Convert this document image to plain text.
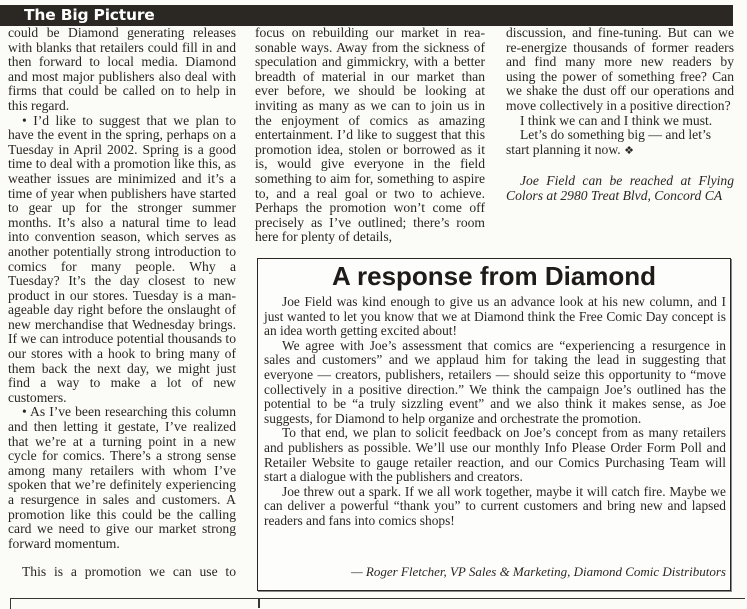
The Big Picture

could be Diamond generating releases with blanks that retailers could fill in and then forward to local media. Diamond and most major publishers also deal with firms that could be called on to help in this regard.

• I’d like to suggest that we plan to have the event in the spring, perhaps on a Tuesday in April 2002. Spring is a good time to deal with a promotion like this, as weather issues are minimized and it’s a time of year when publishers have started to gear up for the stronger summer months. It’s also a natural time to lead into convention season, which serves as another potentially strong introduction to comics for many people. Why a Tuesday? It’s the day closest to new product in our stores. Tuesday is a manageable day right before the onslaught of new merchandise that Wednesday brings. If we can introduce potential thousands to our stores with a hook to bring many of them back the next day, we might just find a way to make a lot of new customers.

• As I’ve been researching this column and then letting it gestate, I’ve realized that we’re at a turning point in a new cycle for comics. There’s a strong sense among many retailers with whom I’ve spoken that we’re definitely experiencing a resurgence in sales and customers. A promotion like this could be the calling card we need to give our market strong forward momentum.

This is a promotion we can use to

focus on rebuilding our market in reasonable ways. Away from the sickness of speculation and gimmickry, with a better breadth of material in our market than ever before, we should be looking at inviting as many as we can to join us in the enjoyment of comics as amazing entertainment. I’d like to suggest that this promotion idea, stolen or borrowed as it is, would give everyone in the field something to aim for, something to aspire to, and a real goal or two to achieve. Perhaps the promotion won’t come off precisely as I’ve outlined; there’s room here for plenty of details,

discussion, and fine-tuning. But can we re-energize thousands of former readers and find many more new readers by using the power of something free? Can we shake the dust off our operations and move collectively in a positive direction?

I think we can and I think we must.

Let’s do something big — and let’s start planning it now. ❖

Joe Field can be reached at Flying Colors at 2980 Treat Blvd, Concord CA

A response from Diamond

Joe Field was kind enough to give us an advance look at his new column, and I just wanted to let you know that we at Diamond think the Free Comic Day concept is an idea worth getting excited about!

We agree with Joe’s assessment that comics are “experiencing a resurgence in sales and customers” and we applaud him for taking the lead in suggesting that everyone — creators, publishers, retailers — should seize this opportunity to “move collectively in a positive direction.” We think the campaign Joe’s outlined has the potential to be “a truly sizzling event” and we also think it makes sense, as Joe suggests, for Diamond to help organize and orchestrate the promotion.

To that end, we plan to solicit feedback on Joe’s concept from as many retailers and publishers as possible. We’ll use our monthly Info Please Order Form Poll and Retailer Website to gauge retailer reaction, and our Comics Purchasing Team will start a dialogue with the publishers and creators.

Joe threw out a spark. If we all work together, maybe it will catch fire. Maybe we can deliver a powerful “thank you” to current customers and bring new and lapsed readers and fans into comics shops!

— Roger Fletcher, VP Sales & Marketing, Diamond Comic Distributors
